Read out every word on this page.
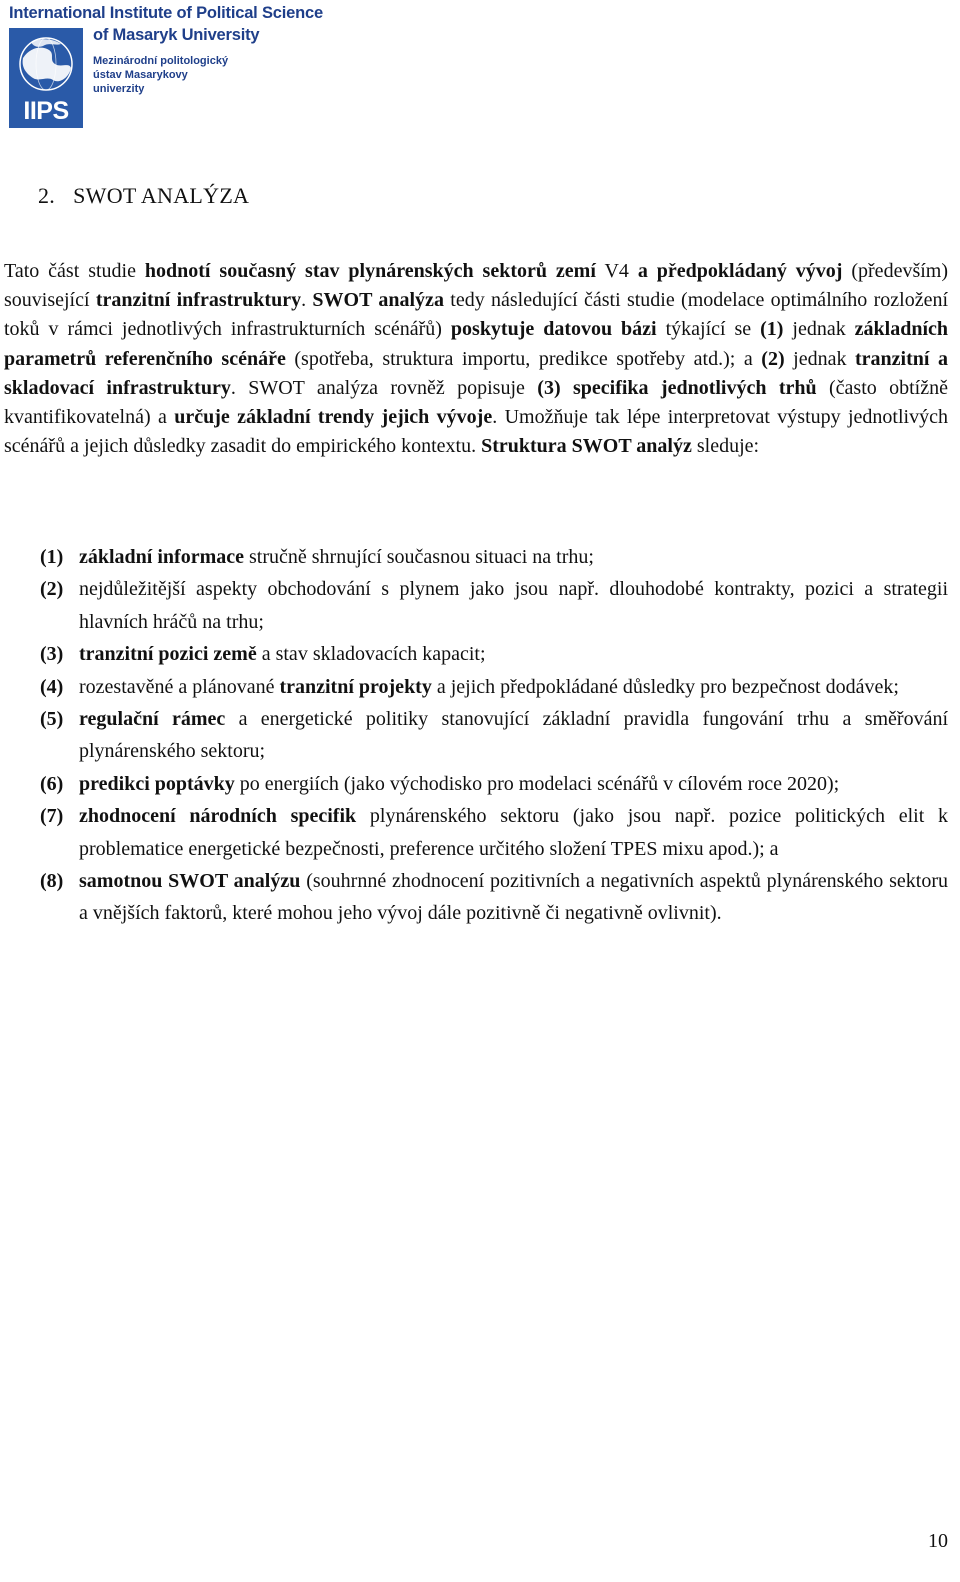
International Institute of Political Science
IIPS
of Masaryk University
Mezinárodní politologický
ústav Masarykovy
univerzity
2. SWOT ANALÝZA

Tato část studie hodnotí současný stav plynárenských sektorů zemí V4 a předpokládaný vývoj (především) související tranzitní infrastruktury. SWOT analýza tedy následující části studie (modelace optimálního rozložení toků v rámci jednotlivých infrastrukturních scénářů) poskytuje datovou bázi týkající se (1) jednak základních parametrů referenčního scénáře (spotřeba, struktura importu, predikce spotřeby atd.); a (2) jednak tranzitní a skladovací infrastruktury. SWOT analýza rovněž popisuje (3) specifika jednotlivých trhů (často obtížně kvantifikovatelná) a určuje základní trendy jejich vývoje. Umožňuje tak lépe interpretovat výstupy jednotlivých scénářů a jejich důsledky zasadit do empirického kontextu. Struktura SWOT analýz sleduje:

(1) základní informace stručně shrnující současnou situaci na trhu;
(2) nejdůležitější aspekty obchodování s plynem jako jsou např. dlouhodobé kontrakty, pozici a strategii hlavních hráčů na trhu;
(3) tranzitní pozici země a stav skladovacích kapacit;
(4) rozestavěné a plánované tranzitní projekty a jejich předpokládané důsledky pro bezpečnost dodávek;
(5) regulační rámec a energetické politiky stanovující základní pravidla fungování trhu a směřování plynárenského sektoru;
(6) predikci poptávky po energiích (jako východisko pro modelaci scénářů v cílovém roce 2020);
(7) zhodnocení národních specifik plynárenského sektoru (jako jsou např. pozice politických elit k problematice energetické bezpečnosti, preference určitého složení TPES mixu apod.); a
(8) samotnou SWOT analýzu (souhrnné zhodnocení pozitivních a negativních aspektů plynárenského sektoru a vnějších faktorů, které mohou jeho vývoj dále pozitivně či negativně ovlivnit).
10
